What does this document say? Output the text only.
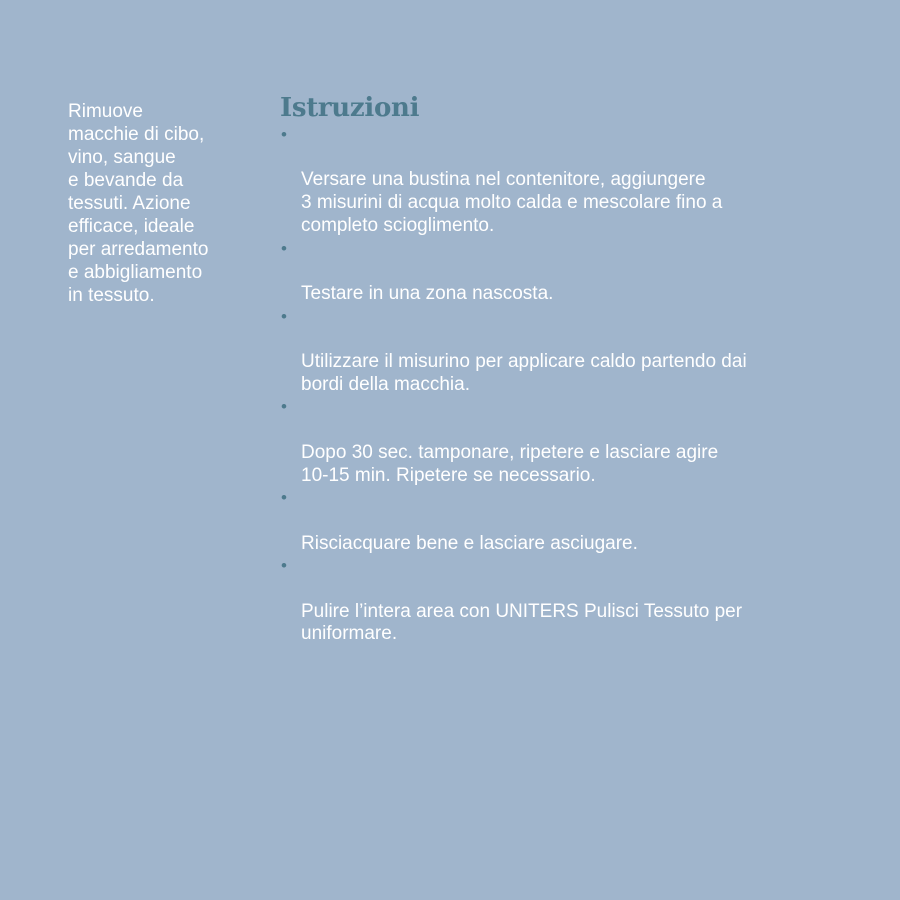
Rimuove
macchie di cibo,
vino, sangue
e bevande da
tessuti. Azione
efficace, ideale
per arredamento
e abbigliamento
in tessuto.

Istruzioni

•

Versare una bustina nel contenitore, aggiungere
3 misurini di acqua molto calda e mescolare fino a
completo scioglimento.

•

Testare in una zona nascosta.

•

Utilizzare il misurino per applicare caldo partendo dai
bordi della macchia.

•

Dopo 30 sec. tamponare, ripetere e lasciare agire
10-15 min. Ripetere se necessario.

•

Risciacquare bene e lasciare asciugare.

•

Pulire l’intera area con UNITERS Pulisci Tessuto per
uniformare.
